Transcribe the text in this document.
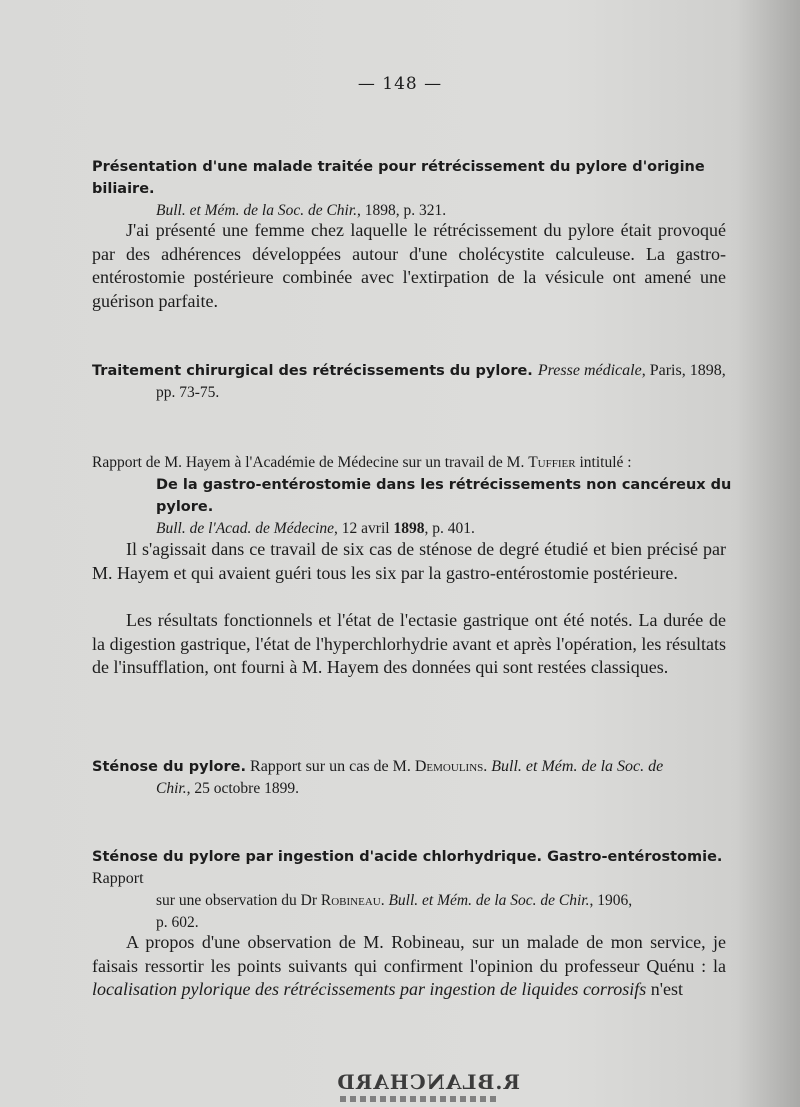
— 148 —
Présentation d'une malade traitée pour rétrécissement du pylore d'origine biliaire.
Bull. et Mém. de la Soc. de Chir., 1898, p. 321.
J'ai présenté une femme chez laquelle le rétrécissement du pylore était provoqué par des adhérences développées autour d'une cholécystite calculeuse. La gastro-entérostomie postérieure combinée avec l'extirpation de la vésicule ont amené une guérison parfaite.
Traitement chirurgical des rétrécissements du pylore. Presse médicale, Paris, 1898,
pp. 73-75.
Rapport de M. Hayem à l'Académie de Médecine sur un travail de M. Tuffier intitulé :
De la gastro-entérostomie dans les rétrécissements non cancéreux du pylore.
Bull. de l'Acad. de Médecine, 12 avril 1898, p. 401.
Il s'agissait dans ce travail de six cas de sténose de degré étudié et bien précisé par M. Hayem et qui avaient guéri tous les six par la gastro-entérostomie postérieure.
Les résultats fonctionnels et l'état de l'ectasie gastrique ont été notés. La durée de la digestion gastrique, l'état de l'hyperchlorhydrie avant et après l'opération, les résultats de l'insufflation, ont fourni à M. Hayem des données qui sont restées classiques.
Sténose du pylore. Rapport sur un cas de M. Demoulins. Bull. et Mém. de la Soc. de
Chir., 25 octobre 1899.
Sténose du pylore par ingestion d'acide chlorhydrique. Gastro-entérostomie. Rapport
sur une observation du Dr Robineau. Bull. et Mém. de la Soc. de Chir., 1906,
p. 602.
A propos d'une observation de M. Robineau, sur un malade de mon service, je faisais ressortir les points suivants qui confirment l'opinion du professeur Quénu : la localisation pylorique des rétrécissements par ingestion de liquides corrosifs n'est
R.BLANCHARD
